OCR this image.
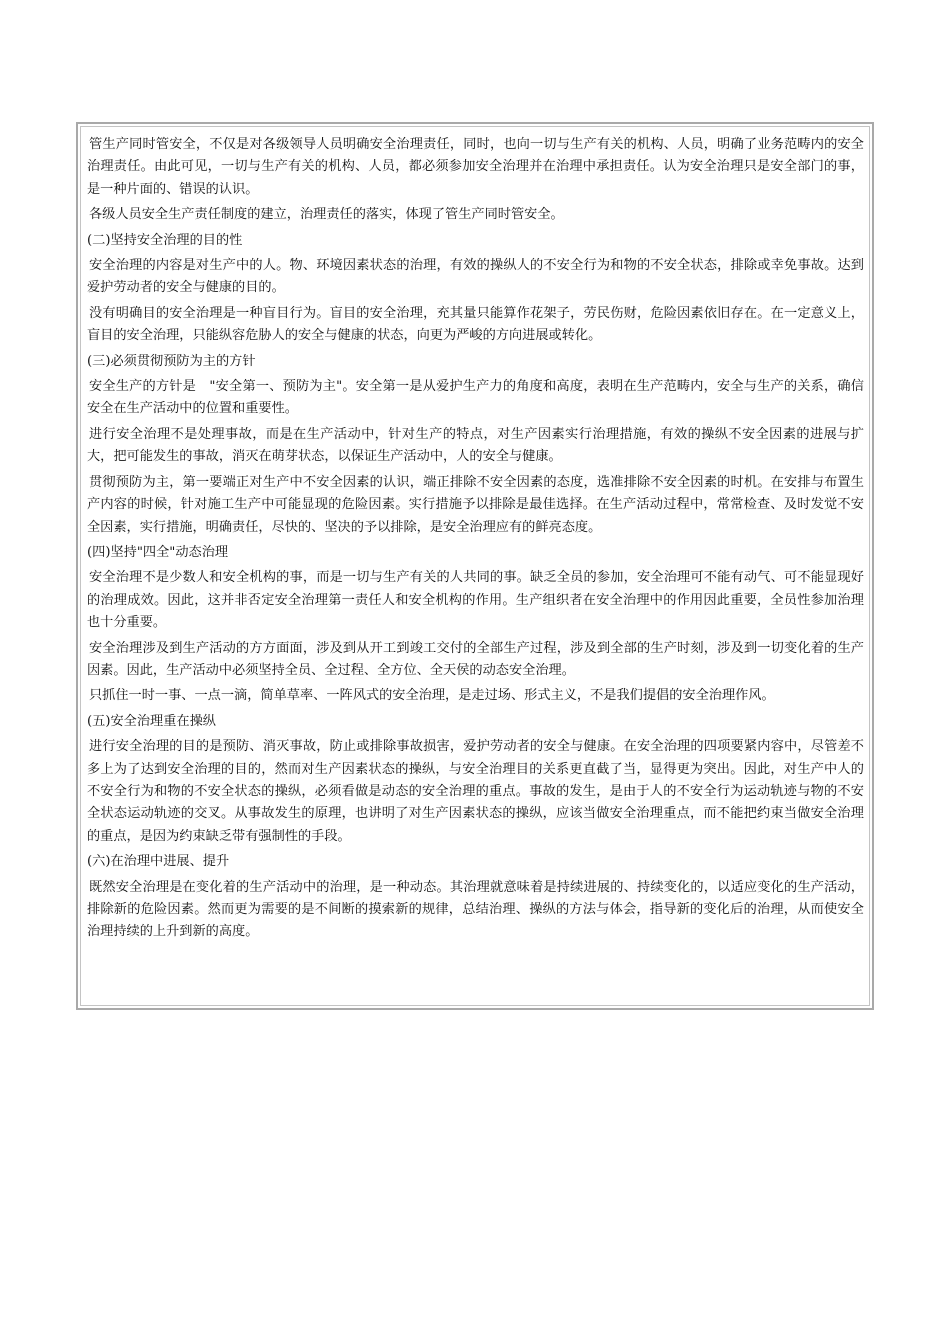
管生产同时管安全，不仅是对各级领导人员明确安全治理责任，同时，也向一切与生产有关的机构、人员，明确了业务范畴内的安全治理责任。由此可见，一切与生产有关的机构、人员，都必须参加安全治理并在治理中承担责任。认为安全治理只是安全部门的事，是一种片面的、错误的认识。

各级人员安全生产责任制度的建立，治理责任的落实，体现了管生产同时管安全。

(二)坚持安全治理的目的性

安全治理的内容是对生产中的人。物、环境因素状态的治理，有效的操纵人的不安全行为和物的不安全状态，排除或幸免事故。达到爱护劳动者的安全与健康的目的。

没有明确目的安全治理是一种盲目行为。盲目的安全治理，充其量只能算作花架子，劳民伤财，危险因素依旧存在。在一定意义上，盲目的安全治理，只能纵容危胁人的安全与健康的状态，向更为严峻的方向进展或转化。

(三)必须贯彻预防为主的方针

安全生产的方针是　"安全第一、预防为主"。安全第一是从爱护生产力的角度和高度，表明在生产范畴内，安全与生产的关系，确信安全在生产活动中的位置和重要性。

进行安全治理不是处理事故，而是在生产活动中，针对生产的特点，对生产因素实行治理措施，有效的操纵不安全因素的进展与扩大，把可能发生的事故，消灭在萌芽状态，以保证生产活动中，人的安全与健康。

贯彻预防为主，第一要端正对生产中不安全因素的认识，端正排除不安全因素的态度，选准排除不安全因素的时机。在安排与布置生产内容的时候，针对施工生产中可能显现的危险因素。实行措施予以排除是最佳选择。在生产活动过程中，常常检查、及时发觉不安全因素，实行措施，明确责任，尽快的、坚决的予以排除，是安全治理应有的鲜亮态度。

(四)坚持"四全"动态治理

安全治理不是少数人和安全机构的事，而是一切与生产有关的人共同的事。缺乏全员的参加，安全治理可不能有动气、可不能显现好的治理成效。因此，这并非否定安全治理第一责任人和安全机构的作用。生产组织者在安全治理中的作用因此重要，全员性参加治理也十分重要。

安全治理涉及到生产活动的方方面面，涉及到从开工到竣工交付的全部生产过程，涉及到全部的生产时刻，涉及到一切变化着的生产因素。因此，生产活动中必须坚持全员、全过程、全方位、全天侯的动态安全治理。

只抓住一时一事、一点一滴，简单草率、一阵风式的安全治理，是走过场、形式主义，不是我们提倡的安全治理作风。

(五)安全治理重在操纵

进行安全治理的目的是预防、消灭事故，防止或排除事故损害，爱护劳动者的安全与健康。在安全治理的四项要紧内容中，尽管差不多上为了达到安全治理的目的，然而对生产因素状态的操纵，与安全治理目的关系更直截了当，显得更为突出。因此，对生产中人的不安全行为和物的不安全状态的操纵，必须看做是动态的安全治理的重点。事故的发生，是由于人的不安全行为运动轨迹与物的不安全状态运动轨迹的交叉。从事故发生的原理，也讲明了对生产因素状态的操纵，应该当做安全治理重点，而不能把约束当做安全治理的重点，是因为约束缺乏带有强制性的手段。

(六)在治理中进展、提升

既然安全治理是在变化着的生产活动中的治理，是一种动态。其治理就意味着是持续进展的、持续变化的，以适应变化的生产活动，排除新的危险因素。然而更为需要的是不间断的摸索新的规律，总结治理、操纵的方法与体会，指导新的变化后的治理，从而使安全治理持续的上升到新的高度。
